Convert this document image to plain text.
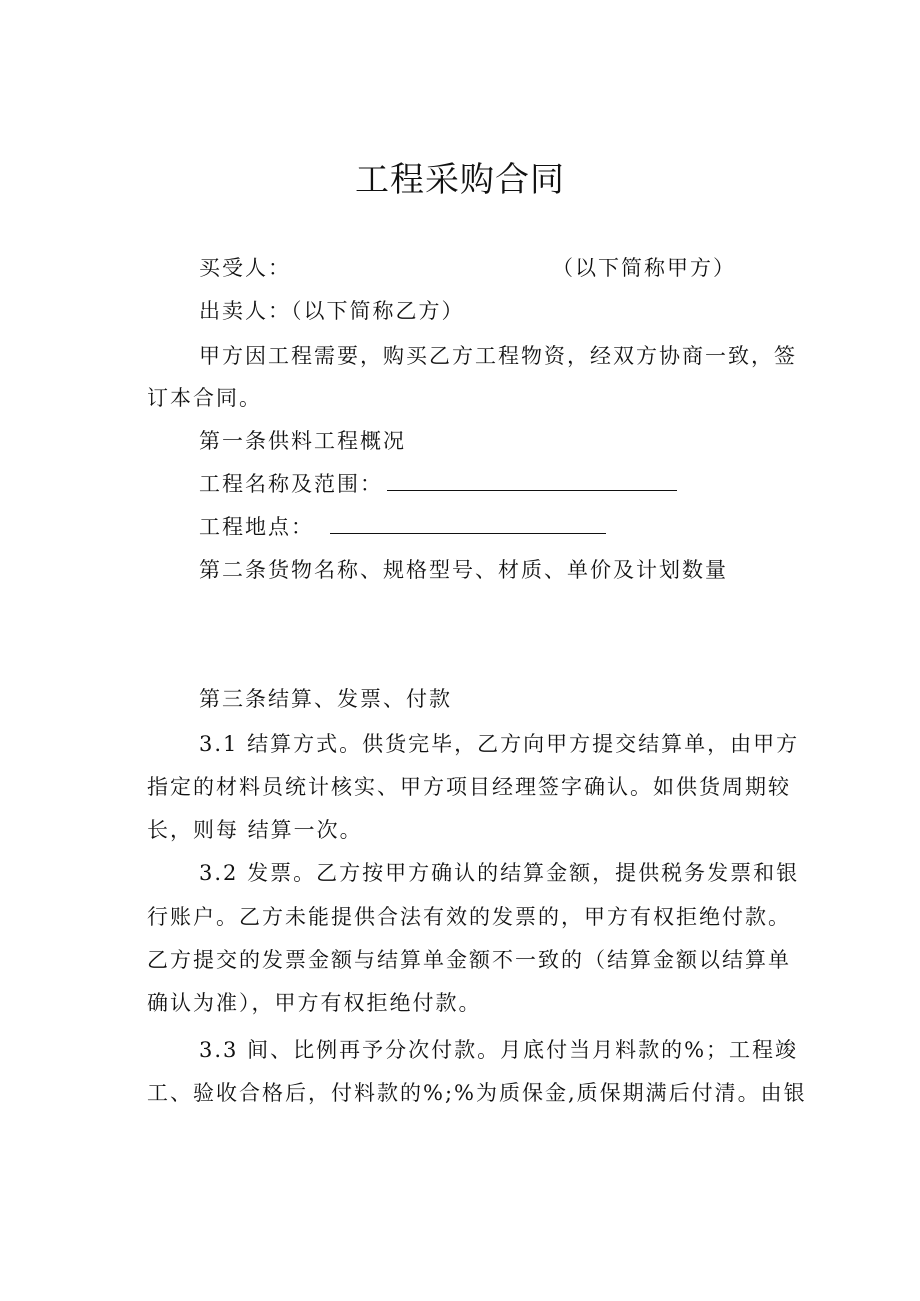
工程采购合同
买受人：	（以下简称甲方）
出卖人：（以下简称乙方）
甲方因工程需要，购买乙方工程物资，经双方协商一致，签
订本合同。
第一条供料工程概况
工程名称及范围：
工程地点：
第二条货物名称、规格型号、材质、单价及计划数量
第三条结算、发票、付款
3.1 结算方式。供货完毕，乙方向甲方提交结算单，由甲方
指定的材料员统计核实、甲方项目经理签字确认。如供货周期较
长，则每 结算一次。
3.2 发票。乙方按甲方确认的结算金额，提供税务发票和银
行账户。乙方未能提供合法有效的发票的，甲方有权拒绝付款。
乙方提交的发票金额与结算单金额不一致的（结算金额以结算单
确认为准），甲方有权拒绝付款。
3.3 间、比例再予分次付款。月底付当月料款的%；工程竣
工、验收合格后，付料款的%;%为质保金,质保期满后付清。由银
